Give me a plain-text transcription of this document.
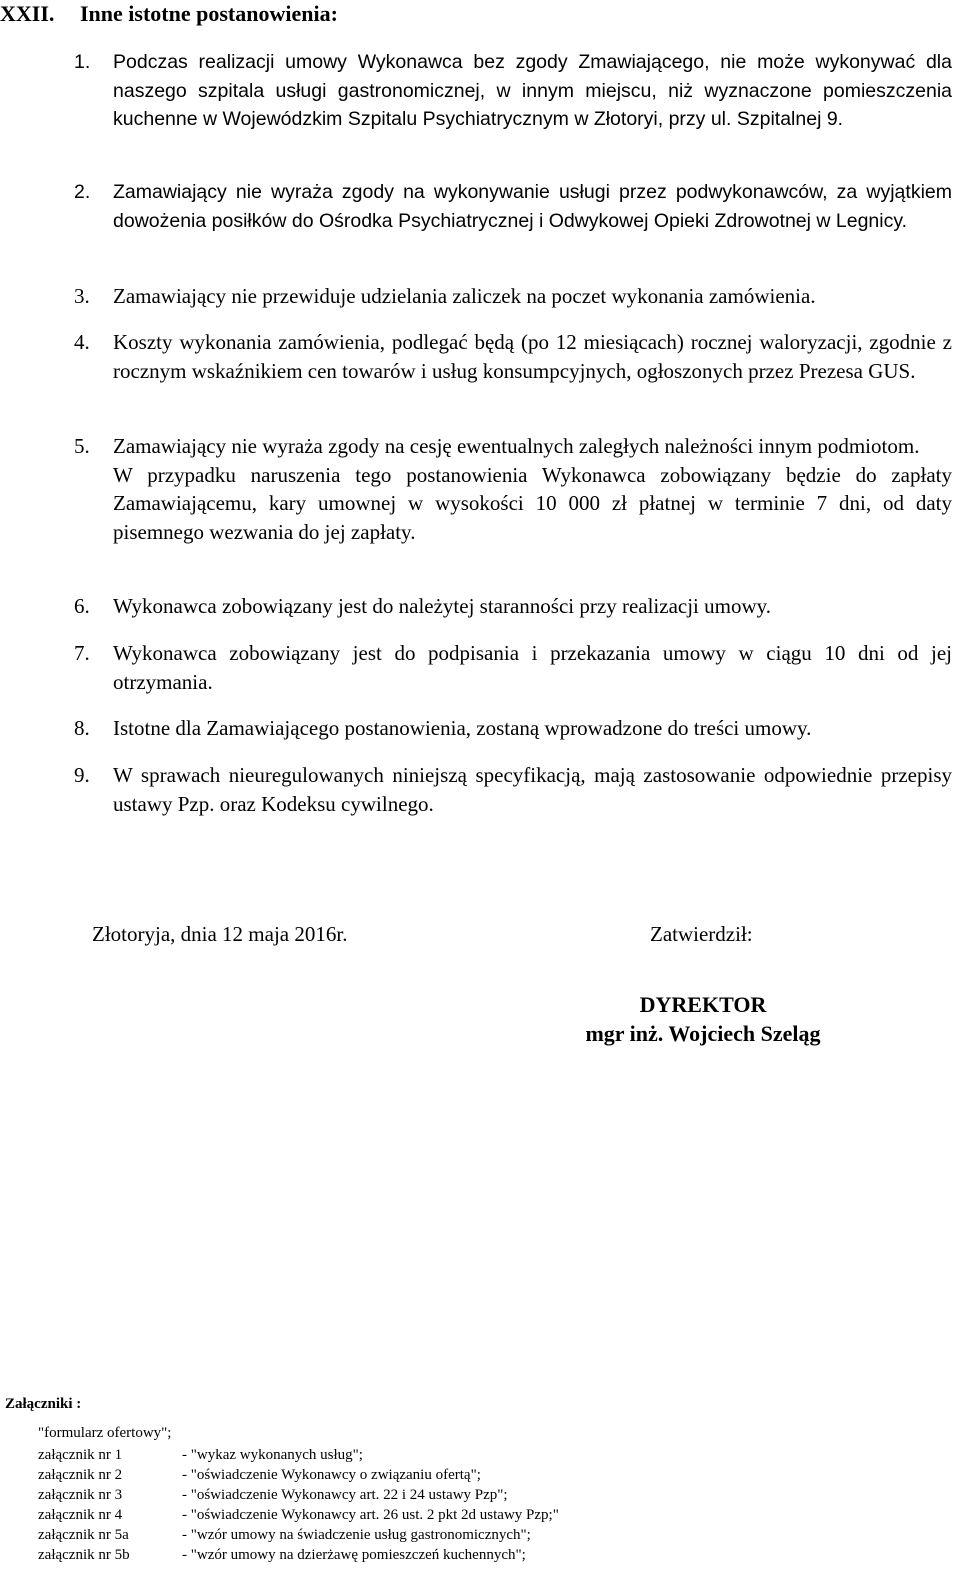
XXII. Inne istotne postanowienia:
1. Podczas realizacji umowy Wykonawca bez zgody Zmawiającego, nie może wykonywać dla naszego szpitala usługi gastronomicznej, w innym miejscu, niż wyznaczone pomieszczenia kuchenne w Wojewódzkim Szpitalu Psychiatrycznym w Złotoryi, przy ul. Szpitalnej 9.
2. Zamawiający nie wyraża zgody na wykonywanie usługi przez podwykonawców, za wyjątkiem dowożenia posiłków do Ośrodka Psychiatrycznej i Odwykowej Opieki Zdrowotnej w Legnicy.
3. Zamawiający nie przewiduje udzielania zaliczek na poczet wykonania zamówienia.
4. Koszty wykonania zamówienia, podlegać będą (po 12 miesiącach) rocznej waloryzacji, zgodnie z rocznym wskaźnikiem cen towarów i usług konsumpcyjnych, ogłoszonych przez Prezesa GUS.
5. Zamawiający nie wyraża zgody na cesję ewentualnych zaległych należności innym podmiotom.
W przypadku naruszenia tego postanowienia Wykonawca zobowiązany będzie do zapłaty Zamawiającemu, kary umownej w wysokości 10 000 zł płatnej w terminie 7 dni, od daty pisemnego wezwania do jej zapłaty.
6. Wykonawca zobowiązany jest do należytej staranności przy realizacji umowy.
7. Wykonawca zobowiązany jest do podpisania i przekazania umowy w ciągu 10 dni od jej otrzymania.
8. Istotne dla Zamawiającego postanowienia, zostaną wprowadzone do treści umowy.
9. W sprawach nieuregulowanych niniejszą specyfikacją, mają zastosowanie odpowiednie przepisy ustawy Pzp. oraz Kodeksu cywilnego.
Złotoryja, dnia 12 maja 2016r.	Zatwierdził:
DYREKTOR
mgr inż. Wojciech Szeląg
Załączniki :
"formularz ofertowy";
załącznik nr 1	- "wykaz wykonanych usług";
załącznik nr 2	- "oświadczenie Wykonawcy o związaniu ofertą";
załącznik nr 3	- "oświadczenie Wykonawcy art. 22 i 24 ustawy Pzp";
załącznik nr 4	- "oświadczenie Wykonawcy art. 26 ust. 2 pkt 2d ustawy Pzp;"
załącznik nr 5a	- "wzór umowy na świadczenie usług gastronomicznych";
załącznik nr 5b	- "wzór umowy na dzierżawę pomieszczeń kuchennych";
